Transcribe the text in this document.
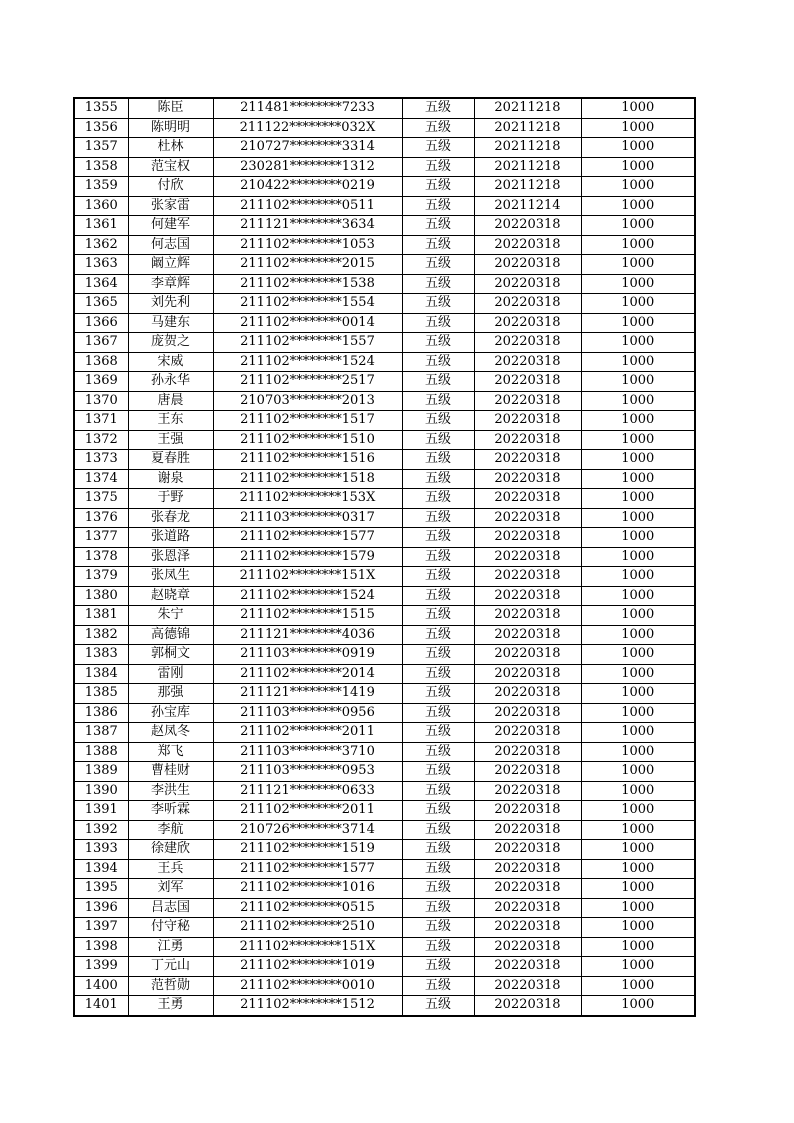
1355	陈臣	211481********7233	五级	20211218	1000
1356	陈明明	211122********032X	五级	20211218	1000
1357	杜林	210727********3314	五级	20211218	1000
1358	范宝权	230281********1312	五级	20211218	1000
1359	付欣	210422********0219	五级	20211218	1000
1360	张家雷	211102********0511	五级	20211214	1000
1361	何建军	211121********3634	五级	20220318	1000
1362	何志国	211102********1053	五级	20220318	1000
1363	阚立辉	211102********2015	五级	20220318	1000
1364	李章辉	211102********1538	五级	20220318	1000
1365	刘先利	211102********1554	五级	20220318	1000
1366	马建东	211102********0014	五级	20220318	1000
1367	庞贺之	211102********1557	五级	20220318	1000
1368	宋威	211102********1524	五级	20220318	1000
1369	孙永华	211102********2517	五级	20220318	1000
1370	唐晨	210703********2013	五级	20220318	1000
1371	王东	211102********1517	五级	20220318	1000
1372	王强	211102********1510	五级	20220318	1000
1373	夏春胜	211102********1516	五级	20220318	1000
1374	谢泉	211102********1518	五级	20220318	1000
1375	于野	211102********153X	五级	20220318	1000
1376	张春龙	211103********0317	五级	20220318	1000
1377	张道路	211102********1577	五级	20220318	1000
1378	张恩泽	211102********1579	五级	20220318	1000
1379	张凤生	211102********151X	五级	20220318	1000
1380	赵晓章	211102********1524	五级	20220318	1000
1381	朱宁	211102********1515	五级	20220318	1000
1382	高德锦	211121********4036	五级	20220318	1000
1383	郭桐文	211103********0919	五级	20220318	1000
1384	雷刚	211102********2014	五级	20220318	1000
1385	那强	211121********1419	五级	20220318	1000
1386	孙宝库	211103********0956	五级	20220318	1000
1387	赵凤冬	211102********2011	五级	20220318	1000
1388	郑飞	211103********3710	五级	20220318	1000
1389	曹桂财	211103********0953	五级	20220318	1000
1390	李洪生	211121********0633	五级	20220318	1000
1391	李听霖	211102********2011	五级	20220318	1000
1392	李航	210726********3714	五级	20220318	1000
1393	徐建欣	211102********1519	五级	20220318	1000
1394	王兵	211102********1577	五级	20220318	1000
1395	刘军	211102********1016	五级	20220318	1000
1396	吕志国	211102********0515	五级	20220318	1000
1397	付守秘	211102********2510	五级	20220318	1000
1398	江勇	211102********151X	五级	20220318	1000
1399	丁元山	211102********1019	五级	20220318	1000
1400	范哲勋	211102********0010	五级	20220318	1000
1401	王勇	211102********1512	五级	20220318	1000
